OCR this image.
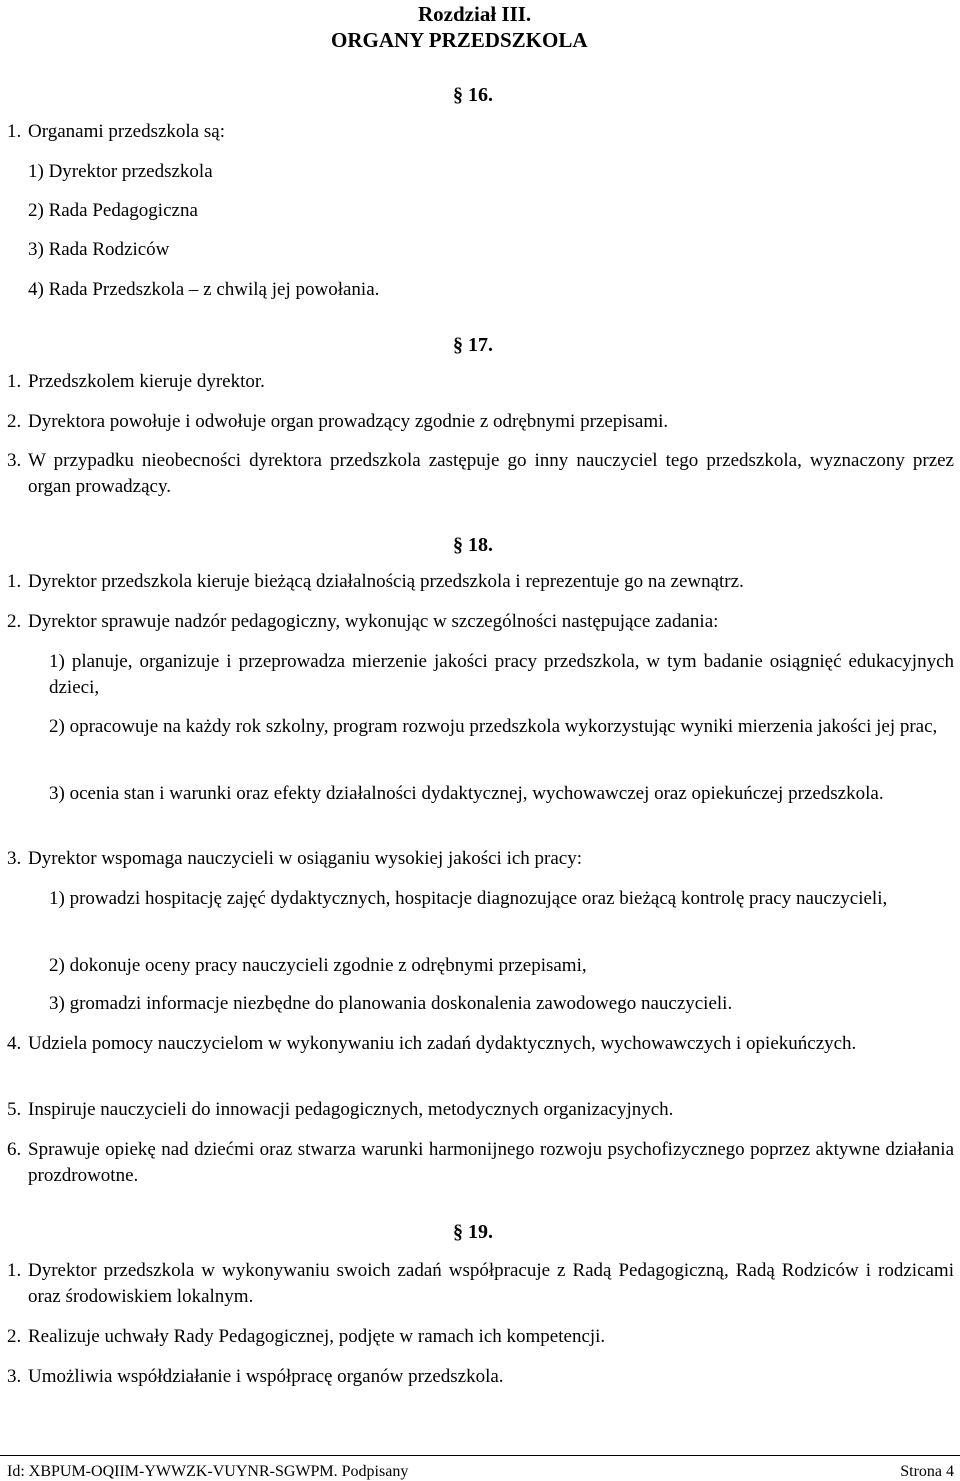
Rozdział III.
ORGANY PRZEDSZKOLA
§ 16.
1. Organami przedszkola są:
1) Dyrektor przedszkola
2) Rada Pedagogiczna
3) Rada Rodziców
4) Rada Przedszkola – z chwilą jej powołania.
§ 17.
1. Przedszkolem kieruje dyrektor.
2. Dyrektora powołuje i odwołuje organ prowadzący zgodnie z odrębnymi przepisami.
3. W przypadku nieobecności dyrektora przedszkola zastępuje go inny nauczyciel tego przedszkola, wyznaczony przez organ prowadzący.
§ 18.
1. Dyrektor przedszkola kieruje bieżącą działalnością przedszkola i reprezentuje go na zewnątrz.
2. Dyrektor sprawuje nadzór pedagogiczny, wykonując w szczególności następujące zadania:
1) planuje, organizuje i przeprowadza mierzenie jakości pracy przedszkola, w tym badanie osiągnięć edukacyjnych dzieci,
2) opracowuje na każdy rok szkolny, program rozwoju przedszkola wykorzystując wyniki mierzenia jakości jej prac,
3) ocenia stan i warunki oraz efekty działalności dydaktycznej, wychowawczej oraz opiekuńczej przedszkola.
3. Dyrektor wspomaga nauczycieli w osiąganiu wysokiej jakości ich pracy:
1) prowadzi hospitację zajęć dydaktycznych, hospitacje diagnozujące oraz bieżącą kontrolę pracy nauczycieli,
2) dokonuje oceny pracy nauczycieli zgodnie z odrębnymi przepisami,
3) gromadzi informacje niezbędne do planowania doskonalenia zawodowego nauczycieli.
4. Udziela pomocy nauczycielom w wykonywaniu ich zadań dydaktycznych, wychowawczych i opiekuńczych.
5. Inspiruje nauczycieli do innowacji pedagogicznych, metodycznych organizacyjnych.
6. Sprawuje opiekę nad dziećmi oraz stwarza warunki harmonijnego rozwoju psychofizycznego poprzez aktywne działania prozdrowotne.
§ 19.
1. Dyrektor przedszkola w wykonywaniu swoich zadań współpracuje z Radą Pedagogiczną, Radą Rodziców i rodzicami oraz środowiskiem lokalnym.
2. Realizuje uchwały Rady Pedagogicznej, podjęte w ramach ich kompetencji.
3. Umożliwia współdziałanie i współpracę organów przedszkola.
Id: XBPUM-OQIIM-YWWZK-VUYNR-SGWPM. Podpisany	Strona 4
